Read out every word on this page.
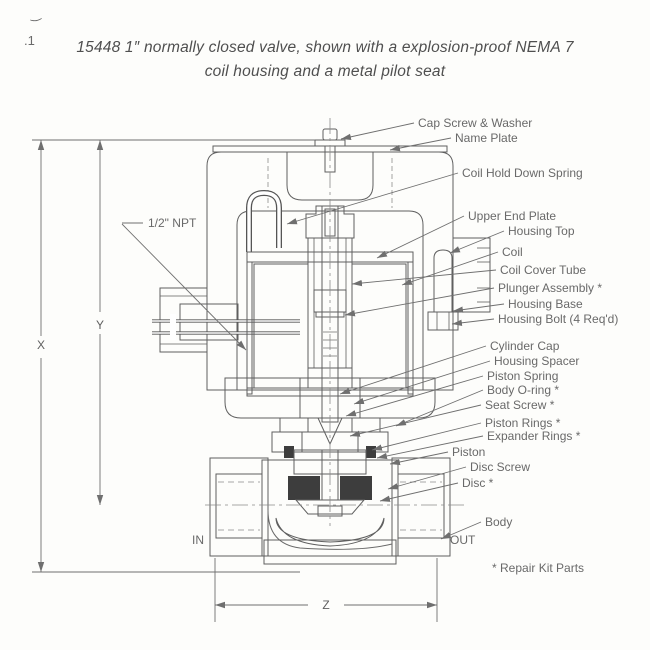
‿
.1	15448 1″ normally closed valve, shown with a explosion-proof NEMA 7
coil housing and a metal pilot seat
X
Y
Z
Cap Screw & Washer
Name Plate
Coil Hold Down Spring
Upper End Plate
Housing Top
Coil
Coil Cover Tube
Plunger Assembly *
Housing Base
Housing Bolt (4 Req'd)
Cylinder Cap
Housing Spacer
Piston Spring
Body O-ring *
Seat Screw *
Piston Rings *
Expander Rings *
Piston
Disc Screw
Disc *
Body
1/2" NPT
IN	OUT
* Repair Kit Parts
